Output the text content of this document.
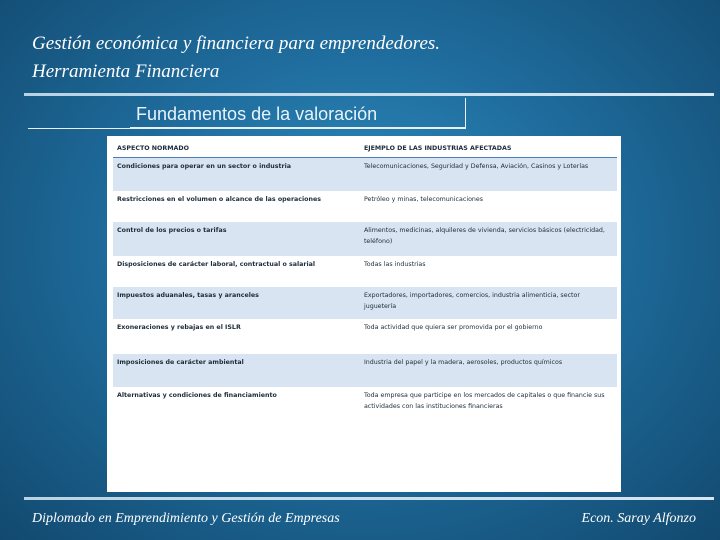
Gestión económica y financiera para emprendedores.
Herramienta Financiera
Fundamentos de la valoración
ASPECTO NORMADO	EJEMPLO DE LAS INDUSTRIAS AFECTADAS
Condiciones para operar en un sector o industria	Telecomunicaciones, Seguridad y Defensa, Aviación, Casinos y Loterías
Restricciones en el volumen o alcance de las operaciones	Petróleo y minas, telecomunicaciones
Control de los precios o tarifas	Alimentos, medicinas, alquileres de vivienda, servicios básicos (electricidad, teléfono)
Disposiciones de carácter laboral, contractual o salarial	Todas las industrias
Impuestos aduanales, tasas y aranceles	Exportadores, importadores, comercios, industria alimenticia, sector juguetería
Exoneraciones y rebajas en el ISLR	Toda actividad que quiera ser promovida por el gobierno
Imposiciones de carácter ambiental	Industria del papel y la madera, aerosoles, productos químicos
Alternativas y condiciones de financiamiento	Toda empresa que participe en los mercados de capitales o que financie sus actividades con las instituciones financieras
Diplomado en Emprendimiento y Gestión de Empresas	Econ. Saray Alfonzo
